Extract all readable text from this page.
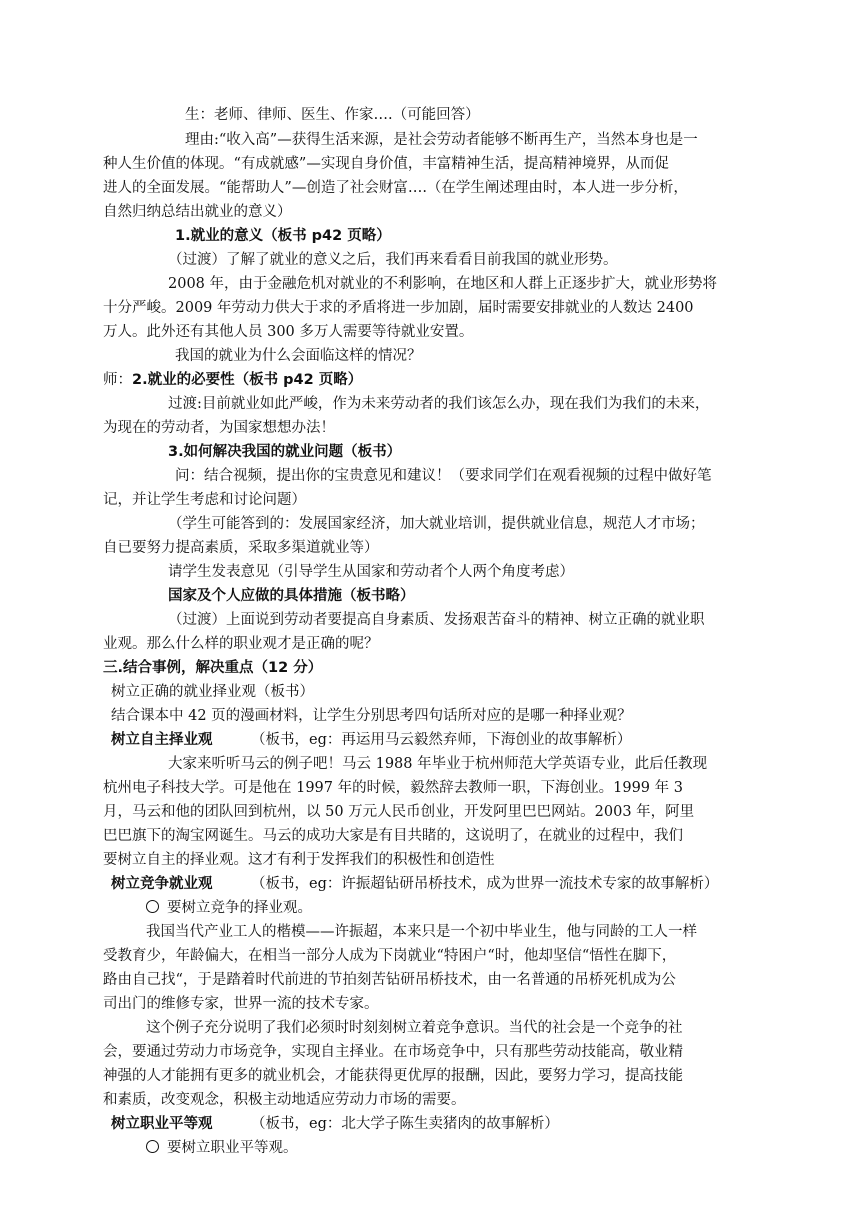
生：老师、律师、医生、作家….（可能回答）
理由:“收入高”—获得生活来源，是社会劳动者能够不断再生产，当然本身也是一
种人生价值的体现。“有成就感”—实现自身价值，丰富精神生活，提高精神境界，从而促
进人的全面发展。“能帮助人”—创造了社会财富….（在学生阐述理由时，本人进一步分析，
自然归纳总结出就业的意义）
1.就业的意义（板书 p42 页略）
（过渡）了解了就业的意义之后，我们再来看看目前我国的就业形势。
2008 年，由于金融危机对就业的不利影响，在地区和人群上正逐步扩大，就业形势将
十分严峻。2009 年劳动力供大于求的矛盾将进一步加剧，届时需要安排就业的人数达 2400
万人。此外还有其他人员 300 多万人需要等待就业安置。
我国的就业为什么会面临这样的情况？
师： 2.就业的必要性（板书 p42 页略）
过渡:目前就业如此严峻，作为未来劳动者的我们该怎么办，现在我们为我们的未来，
为现在的劳动者，为国家想想办法！
3.如何解决我国的就业问题（板书）
问：结合视频，提出你的宝贵意见和建议！（要求同学们在观看视频的过程中做好笔
记，并让学生考虑和讨论问题）
（学生可能答到的：发展国家经济，加大就业培训，提供就业信息，规范人才市场；
自已要努力提高素质，采取多渠道就业等）
请学生发表意见（引导学生从国家和劳动者个人两个角度考虑）
国家及个人应做的具体措施（板书略）
（过渡）上面说到劳动者要提高自身素质、发扬艰苦奋斗的精神、树立正确的就业职
业观。那么什么样的职业观才是正确的呢？
三.结合事例，解决重点（12 分）
树立正确的就业择业观（板书）
结合课本中 42 页的漫画材料，让学生分别思考四句话所对应的是哪一种择业观？
树立自主择业观	（板书，eg：再运用马云毅然弃师，下海创业的故事解析）
大家来听听马云的例子吧！马云 1988 年毕业于杭州师范大学英语专业，此后任教现
杭州电子科技大学。可是他在 1997 年的时候，毅然辞去教师一职，下海创业。1999 年 3
月，马云和他的团队回到杭州，以 50 万元人民币创业，开发阿里巴巴网站。2003 年，阿里
巴巴旗下的淘宝网诞生。马云的成功大家是有目共睹的，这说明了，在就业的过程中，我们
要树立自主的择业观。这才有利于发挥我们的积极性和创造性
树立竞争就业观	（板书，eg：许振超钻研吊桥技术，成为世界一流技术专家的故事解析）
要树立竞争的择业观。
我国当代产业工人的楷模——许振超，本来只是一个初中毕业生，他与同龄的工人一样
受教育少，年龄偏大，在相当一部分人成为下岗就业“特困户“时，他却坚信“悟性在脚下，
路由自己找“，于是踏着时代前进的节拍刻苦钻研吊桥技术，由一名普通的吊桥死机成为公
司出门的维修专家，世界一流的技术专家。
这个例子充分说明了我们必须时时刻刻树立着竞争意识。当代的社会是一个竞争的社
会，要通过劳动力市场竞争，实现自主择业。在市场竞争中，只有那些劳动技能高，敬业精
神强的人才能拥有更多的就业机会，才能获得更优厚的报酬，因此，要努力学习，提高技能
和素质，改变观念，积极主动地适应劳动力市场的需要。
树立职业平等观	（板书，eg：北大学子陈生卖猪肉的故事解析）
要树立职业平等观。
